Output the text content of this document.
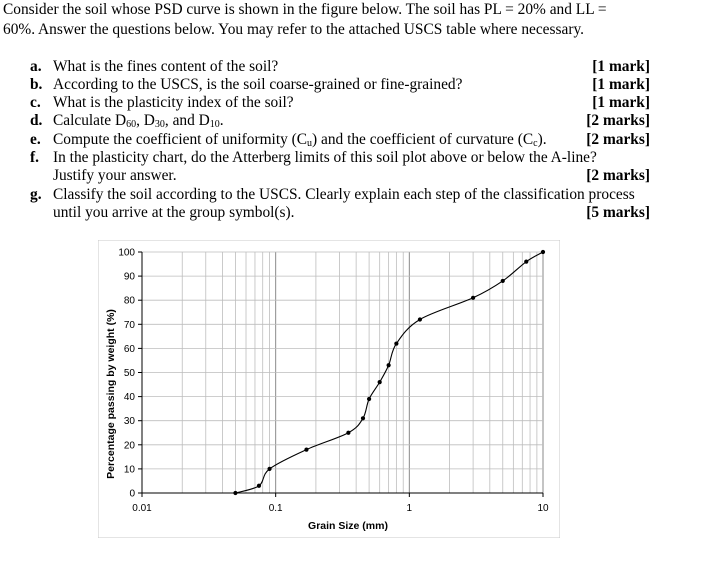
Consider the soil whose PSD curve is shown in the figure below. The soil has PL = 20% and LL =
60%. Answer the questions below. You may refer to the attached USCS table where necessary.
a. What is the fines content of the soil?	[1 mark]
b. According to the USCS, is the soil coarse-grained or fine-grained?	[1 mark]
c. What is the plasticity index of the soil?	[1 mark]
d. Calculate $D_{60}$, $D_{30}$, and $D_{10}$.	[2 marks]
e. Compute the coefficient of uniformity $(C_u)$ and the coefficient of curvature $(C_c)$.	[2 marks]
f. In the plasticity chart, do the Atterberg limits of this soil plot above or below the A-line?
Justify your answer.	[2 marks]
g. Classify the soil according to the USCS. Clearly explain each step of the classification process
until you arrive at the group symbol(s).	[5 marks]
0
10
20
30
40
50
60
70
80
90
100
0.01	0.1	1	10
Grain Size (mm)
Percentage passing by weight (%)
